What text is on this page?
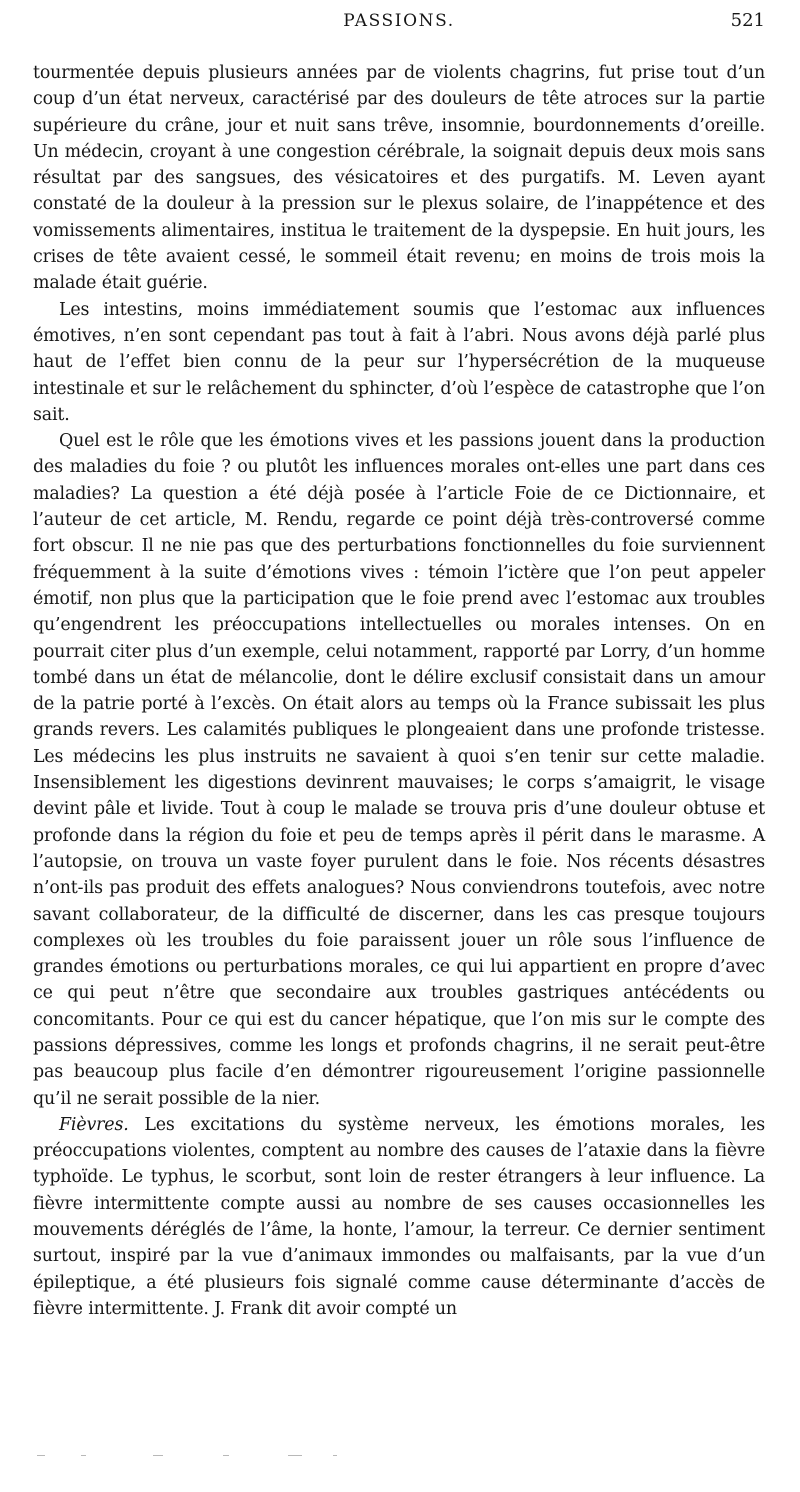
PASSIONS.	521

tourmentée depuis plusieurs années par de violents chagrins, fut prise tout d’un coup d’un état nerveux, caractérisé par des douleurs de tête atroces sur la partie supérieure du crâne, jour et nuit sans trêve, insomnie, bourdonnements d’oreille. Un médecin, croyant à une congestion cérébrale, la soignait depuis deux mois sans résultat par des sangsues, des vésicatoires et des purgatifs. M. Leven ayant constaté de la douleur à la pression sur le plexus solaire, de l’inappétence et des vomissements alimentaires, institua le traitement de la dyspepsie. En huit jours, les crises de tête avaient cessé, le sommeil était revenu; en moins de trois mois la malade était guérie.

Les intestins, moins immédiatement soumis que l’estomac aux influences émotives, n’en sont cependant pas tout à fait à l’abri. Nous avons déjà parlé plus haut de l’effet bien connu de la peur sur l’hypersécrétion de la muqueuse intestinale et sur le relâchement du sphincter, d’où l’espèce de catastrophe que l’on sait.

Quel est le rôle que les émotions vives et les passions jouent dans la production des maladies du foie ? ou plutôt les influences morales ont-elles une part dans ces maladies? La question a été déjà posée à l’article Foie de ce Dictionnaire, et l’auteur de cet article, M. Rendu, regarde ce point déjà très-controversé comme fort obscur. Il ne nie pas que des perturbations fonctionnelles du foie surviennent fréquemment à la suite d’émotions vives : témoin l’ictère que l’on peut appeler émotif, non plus que la participation que le foie prend avec l’estomac aux troubles qu’engendrent les préoccupations intellectuelles ou morales intenses. On en pourrait citer plus d’un exemple, celui notamment, rapporté par Lorry, d’un homme tombé dans un état de mélancolie, dont le délire exclusif consistait dans un amour de la patrie porté à l’excès. On était alors au temps où la France subissait les plus grands revers. Les calamités publiques le plongeaient dans une profonde tristesse. Les médecins les plus instruits ne savaient à quoi s’en tenir sur cette maladie. Insensiblement les digestions devinrent mauvaises; le corps s’amaigrit, le visage devint pâle et livide. Tout à coup le malade se trouva pris d’une douleur obtuse et profonde dans la région du foie et peu de temps après il périt dans le marasme. A l’autopsie, on trouva un vaste foyer purulent dans le foie. Nos récents désastres n’ont-ils pas produit des effets analogues? Nous conviendrons toutefois, avec notre savant collaborateur, de la difficulté de discerner, dans les cas presque toujours complexes où les troubles du foie paraissent jouer un rôle sous l’influence de grandes émotions ou perturbations morales, ce qui lui appartient en propre d’avec ce qui peut n’être que secondaire aux troubles gastriques antécédents ou concomitants. Pour ce qui est du cancer hépatique, que l’on mis sur le compte des passions dépressives, comme les longs et profonds chagrins, il ne serait peut-être pas beaucoup plus facile d’en démontrer rigoureusement l’origine passionnelle qu’il ne serait possible de la nier.

Fièvres. Les excitations du système nerveux, les émotions morales, les préoccupations violentes, comptent au nombre des causes de l’ataxie dans la fièvre typhoïde. Le typhus, le scorbut, sont loin de rester étrangers à leur influence. La fièvre intermittente compte aussi au nombre de ses causes occasionnelles les mouvements déréglés de l’âme, la honte, l’amour, la terreur. Ce dernier sentiment surtout, inspiré par la vue d’animaux immondes ou malfaisants, par la vue d’un épileptique, a été plusieurs fois signalé comme cause déterminante d’accès de fièvre intermittente. J. Frank dit avoir compté un
